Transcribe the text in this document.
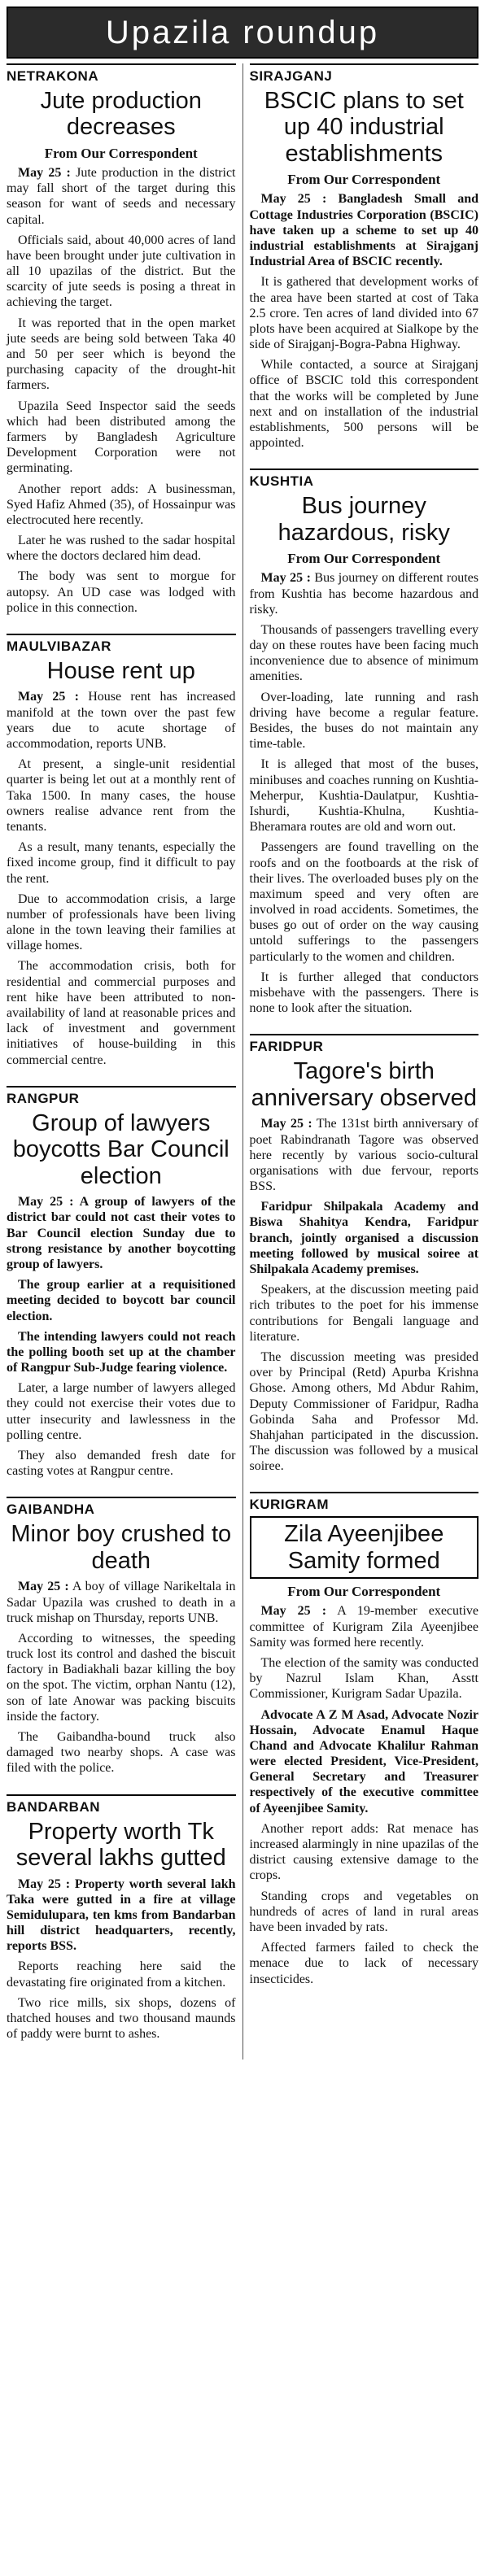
Upazila roundup
NETRAKONA
Jute production decreases
From Our Correspondent

May 25 : Jute production in the district may fall short of the target during this season for want of seeds and necessary capital.

Officials said, about 40,000 acres of land have been brought under jute cultivation in all 10 upazilas of the district. But the scarcity of jute seeds is posing a threat in achieving the target.

It was reported that in the open market jute seeds are being sold between Taka 40 and 50 per seer which is beyond the purchasing capacity of the drought-hit farmers.

Upazila Seed Inspector said the seeds which had been distributed among the farmers by Bangladesh Agriculture Development Corporation were not germinating.

Another report adds: A businessman, Syed Hafiz Ahmed (35), of Hossainpur was electrocuted here recently.

Later he was rushed to the sadar hospital where the doctors declared him dead.

The body was sent to morgue for autopsy. An UD case was lodged with police in this connection.

MAULVIBAZAR
House rent up

May 25 : House rent has increased manifold at the town over the past few years due to acute shortage of accommodation, reports UNB.

At present, a single-unit residential quarter is being let out at a monthly rent of Taka 1500. In many cases, the house owners realise advance rent from the tenants.

As a result, many tenants, especially the fixed income group, find it difficult to pay the rent.

Due to accommodation crisis, a large number of professionals have been living alone in the town leaving their families at village homes.

The accommodation crisis, both for residential and commercial purposes and rent hike have been attributed to non-availability of land at reasonable prices and lack of investment and government initiatives of house-building in this commercial centre.

RANGPUR
Group of lawyers boycotts Bar Council election

May 25 : A group of lawyers of the district bar could not cast their votes to Bar Council election Sunday due to strong resistance by another boycotting group of lawyers.

The group earlier at a requisitioned meeting decided to boycott bar council election.

The intending lawyers could not reach the polling booth set up at the chamber of Rangpur Sub-Judge fearing violence.

Later, a large number of lawyers alleged they could not exercise their votes due to utter insecurity and lawlessness in the polling centre.

They also demanded fresh date for casting votes at Rangpur centre.

GAIBANDHA
Minor boy crushed to death

May 25 : A boy of village Narikeltala in Sadar Upazila was crushed to death in a truck mishap on Thursday, reports UNB.

According to witnesses, the speeding truck lost its control and dashed the biscuit factory in Badiakhali bazar killing the boy on the spot. The victim, orphan Nantu (12), son of late Anowar was packing biscuits inside the factory.

The Gaibandha-bound truck also damaged two nearby shops. A case was filed with the police.

BANDARBAN
Property worth Tk several lakhs gutted

May 25 : Property worth several lakh Taka were gutted in a fire at village Semidulupara, ten kms from Bandarban hill district headquarters, recently, reports BSS.

Reports reaching here said the devastating fire originated from a kitchen.

Two rice mills, six shops, dozens of thatched houses and two thousand maunds of paddy were burnt to ashes.

SIRAJGANJ
BSCIC plans to set up 40 industrial establishments
From Our Correspondent

May 25 : Bangladesh Small and Cottage Industries Corporation (BSCIC) have taken up a scheme to set up 40 industrial establishments at Sirajganj Industrial Area of BSCIC recently.

It is gathered that development works of the area have been started at cost of Taka 2.5 crore. Ten acres of land divided into 67 plots have been acquired at Sialkope by the side of Sirajganj-Bogra-Pabna Highway.

While contacted, a source at Sirajganj office of BSCIC told this correspondent that the works will be completed by June next and on installation of the industrial establishments, 500 persons will be appointed.

KUSHTIA
Bus journey hazardous, risky
From Our Correspondent

May 25 : Bus journey on different routes from Kushtia has become hazardous and risky.

Thousands of passengers travelling every day on these routes have been facing much inconvenience due to absence of minimum amenities.

Over-loading, late running and rash driving have become a regular feature. Besides, the buses do not maintain any time-table.

It is alleged that most of the buses, minibuses and coaches running on Kushtia-Meherpur, Kushtia-Daulatpur, Kushtia-Ishurdi, Kushtia-Khulna, Kushtia-Bheramara routes are old and worn out.

Passengers are found travelling on the roofs and on the footboards at the risk of their lives. The overloaded buses ply on the maximum speed and very often are involved in road accidents. Sometimes, the buses go out of order on the way causing untold sufferings to the passengers particularly to the women and children.

It is further alleged that conductors misbehave with the passengers. There is none to look after the situation.

FARIDPUR
Tagore's birth anniversary observed

May 25 : The 131st birth anniversary of poet Rabindranath Tagore was observed here recently by various socio-cultural organisations with due fervour, reports BSS.

Faridpur Shilpakala Academy and Biswa Shahitya Kendra, Faridpur branch, jointly organised a discussion meeting followed by musical soiree at Shilpakala Academy premises.

Speakers, at the discussion meeting paid rich tributes to the poet for his immense contributions for Bengali language and literature.

The discussion meeting was presided over by Principal (Retd) Apurba Krishna Ghose. Among others, Md Abdur Rahim, Deputy Commissioner of Faridpur, Radha Gobinda Saha and Professor Md. Shahjahan participated in the discussion. The discussion was followed by a musical soiree.

KURIGRAM
Zila Ayeenjibee Samity formed
From Our Correspondent

May 25 : A 19-member executive committee of Kurigram Zila Ayeenjibee Samity was formed here recently.

The election of the samity was conducted by Nazrul Islam Khan, Asstt Commissioner, Kurigram Sadar Upazila.

Advocate A Z M Asad, Advocate Nozir Hossain, Advocate Enamul Haque Chand and Advocate Khalilur Rahman were elected President, Vice-President, General Secretary and Treasurer respectively of the executive committee of Ayeenjibee Samity.

Another report adds: Rat menace has increased alarmingly in nine upazilas of the district causing extensive damage to the crops.

Standing crops and vegetables on hundreds of acres of land in rural areas have been invaded by rats.

Affected farmers failed to check the menace due to lack of necessary insecticides.
